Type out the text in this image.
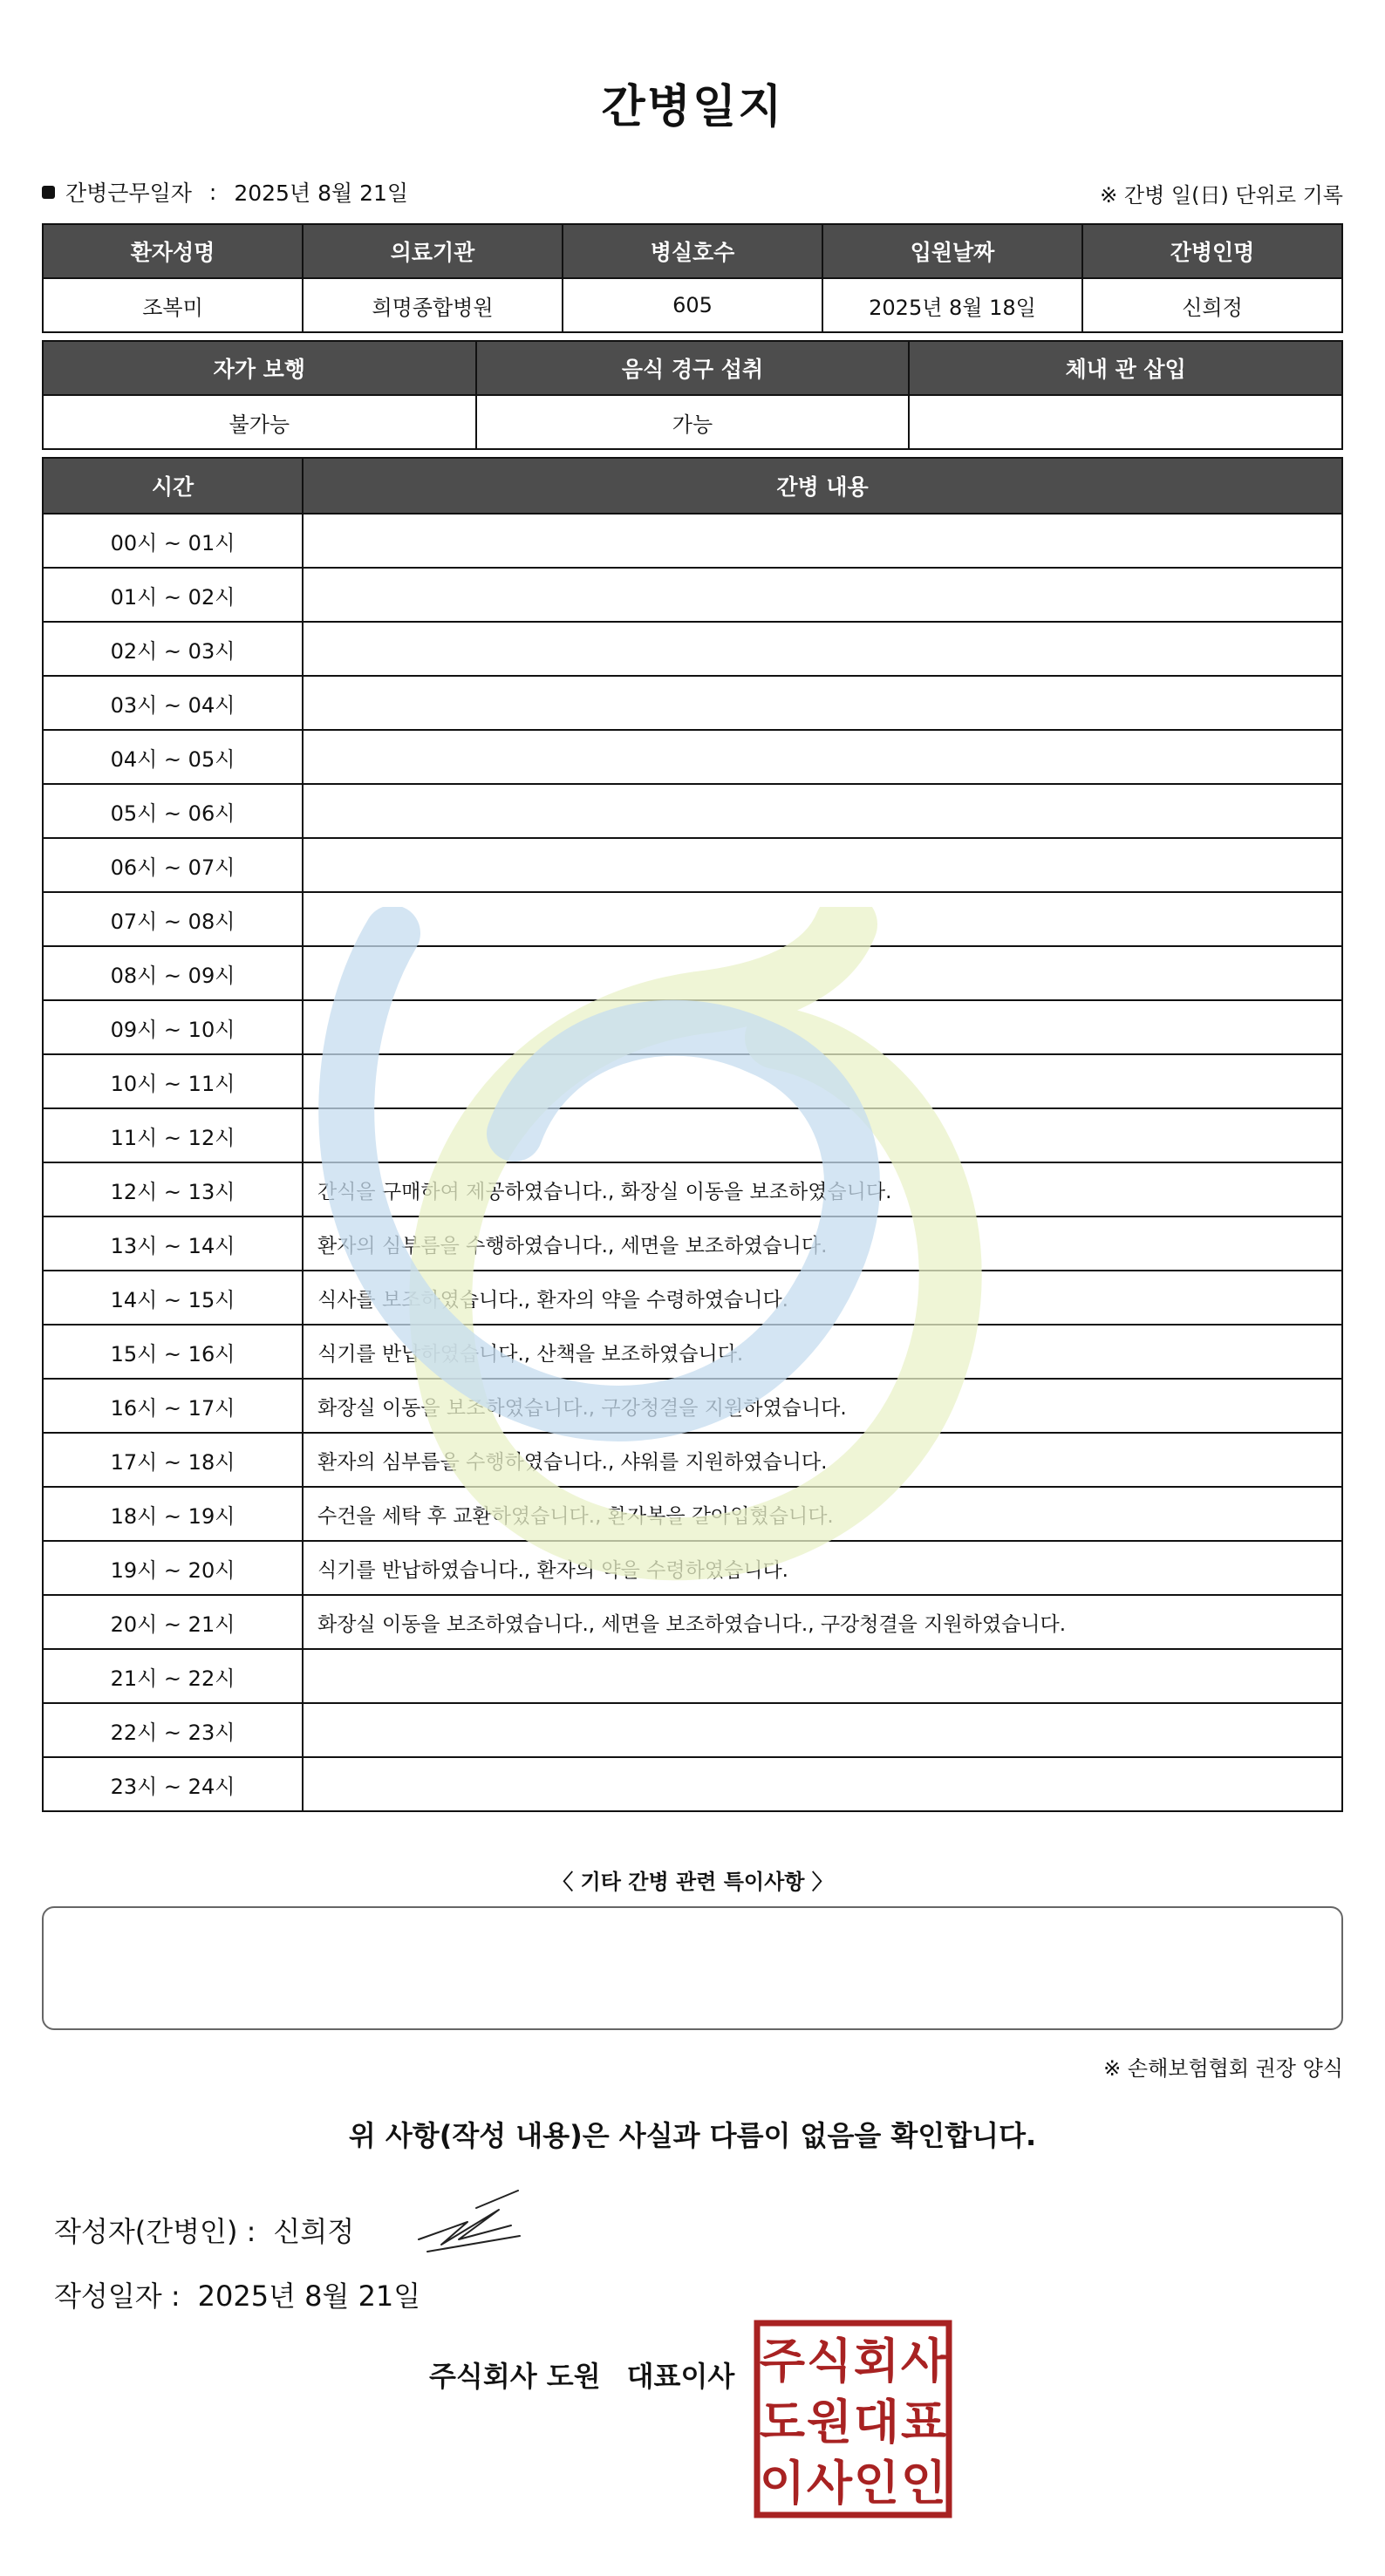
간병일지
간병근무일자 : 2025년 8월 21일	※ 간병 일(日) 단위로 기록
환자성명	의료기관	병실호수	입원날짜	간병인명
조복미	희명종합병원	605	2025년 8월 18일	신희정
자가 보행	음식 경구 섭취	체내 관 삽입
불가능	가능	
시간	간병 내용
00시 ~ 01시	
01시 ~ 02시	
02시 ~ 03시	
03시 ~ 04시	
04시 ~ 05시	
05시 ~ 06시	
06시 ~ 07시	
07시 ~ 08시	
08시 ~ 09시	
09시 ~ 10시	
10시 ~ 11시	
11시 ~ 12시	
12시 ~ 13시	간식을 구매하여 제공하였습니다., 화장실 이동을 보조하였습니다.
13시 ~ 14시	환자의 심부름을 수행하였습니다., 세면을 보조하였습니다.
14시 ~ 15시	식사를 보조하였습니다., 환자의 약을 수령하였습니다.
15시 ~ 16시	식기를 반납하였습니다., 산책을 보조하였습니다.
16시 ~ 17시	화장실 이동을 보조하였습니다., 구강청결을 지원하였습니다.
17시 ~ 18시	환자의 심부름을 수행하였습니다., 샤워를 지원하였습니다.
18시 ~ 19시	수건을 세탁 후 교환하였습니다., 환자복을 갈아입혔습니다.
19시 ~ 20시	식기를 반납하였습니다., 환자의 약을 수령하였습니다.
20시 ~ 21시	화장실 이동을 보조하였습니다., 세면을 보조하였습니다., 구강청결을 지원하였습니다.
21시 ~ 22시	
22시 ~ 23시	
23시 ~ 24시	
〈 기타 간병 관련 특이사항 〉
※ 손해보험협회 권장 양식
위 사항(작성 내용)은 사실과 다름이 없음을 확인합니다.
작성자(간병인) : 신희정
작성일자 : 2025년 8월 21일
주식회사 도원 대표이사 주 식 회 사
도 원 대 표
이 사 인 인
